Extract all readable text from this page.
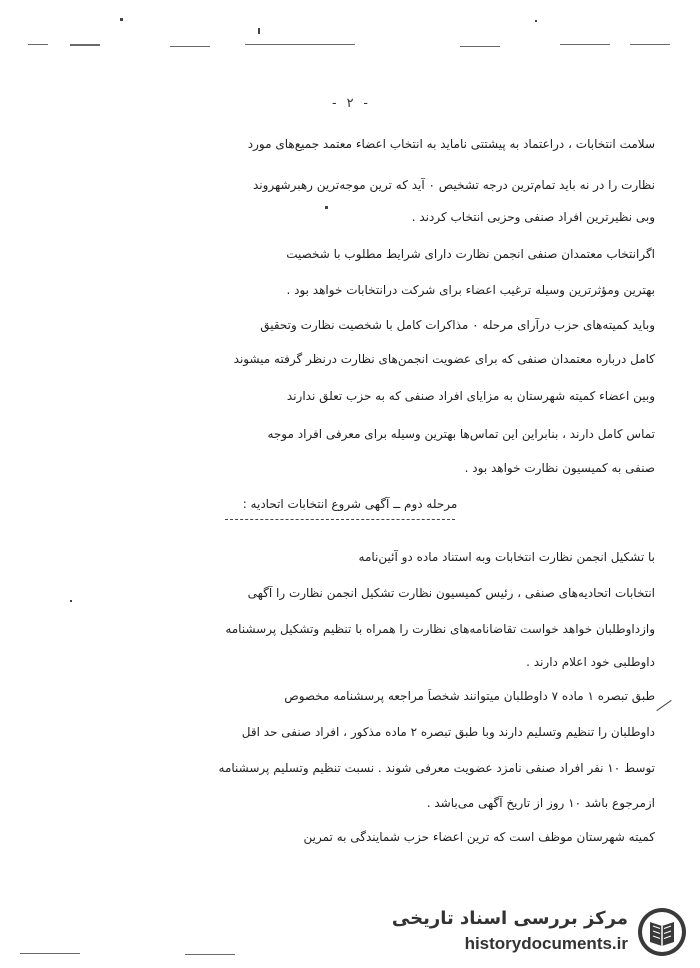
- ۲ -
سلامت انتخابات ، دراعتماد به پیشتتی ناماید به انتخاب اعضاء معتمد جمیع‌های مورد
نظارت را در نه باید تمام‌ترین درجه تشخیص ۰ آید که ترین موجه‌ترین رهبرشهروند
وبی نظیرترین افراد صنفی وحزبی انتخاب کردند .
اگرانتخاب معتمدان صنفی انجمن نظارت دارای شرایط مطلوب با شخصیت
بهترین ومؤثرترین وسیله ترغیب اعضاء برای شرکت درانتخابات خواهد بود .
وباید کمیته‌های حزب درآرای مرحله ۰ مذاکرات کامل با شخصیت نظارت وتحقیق
کامل درباره معتمدان صنفی که برای عضویت انجمن‌های نظارت درنظر گرفته میشوند
وبین اعضاء کمیته شهرستان به مزایای افراد صنفی که به حزب تعلق ندارند
تماس کامل دارند ، بنابراین این تماس‌ها بهترین وسیله برای معرفی افراد موجه
صنفی به کمیسیون نظارت خواهد بود .
مرحله دوم ــ آگهی شروع انتخابات اتحادیه :
با تشکیل انجمن نظارت انتخابات وبه استناد ماده دو آئین‌نامه
انتخابات اتحادیه‌های صنفی ، رئیس کمیسیون نظارت تشکیل انجمن نظارت را آگهی
وازداوطلبان خواهد خواست تقاضانامه‌های نظارت را همراه با تنظیم وتشکیل پرسشنامه
داوطلبی خود اعلام دارند .
طبق تبصره ۱ ماده ۷ داوطلبان میتوانند شخصاً مراجعه پرسشنامه مخصوص
داوطلبان را تنظیم وتسلیم دارند وبا طبق تبصره ۲ ماده مذکور ، افراد صنفی حد اقل
توسط ۱۰ نفر افراد صنفی نامزد عضویت معرفی شوند . نسبت تنظیم وتسلیم پرسشنامه
ازمرجوع باشد ۱۰ روز از تاریخ آگهی می‌باشد .
کمیته شهرستان موظف است که ترین اعضاء حزب شمایندگی به تمرین
مرکز بررسی اسناد تاریخی
historydocuments.ir
